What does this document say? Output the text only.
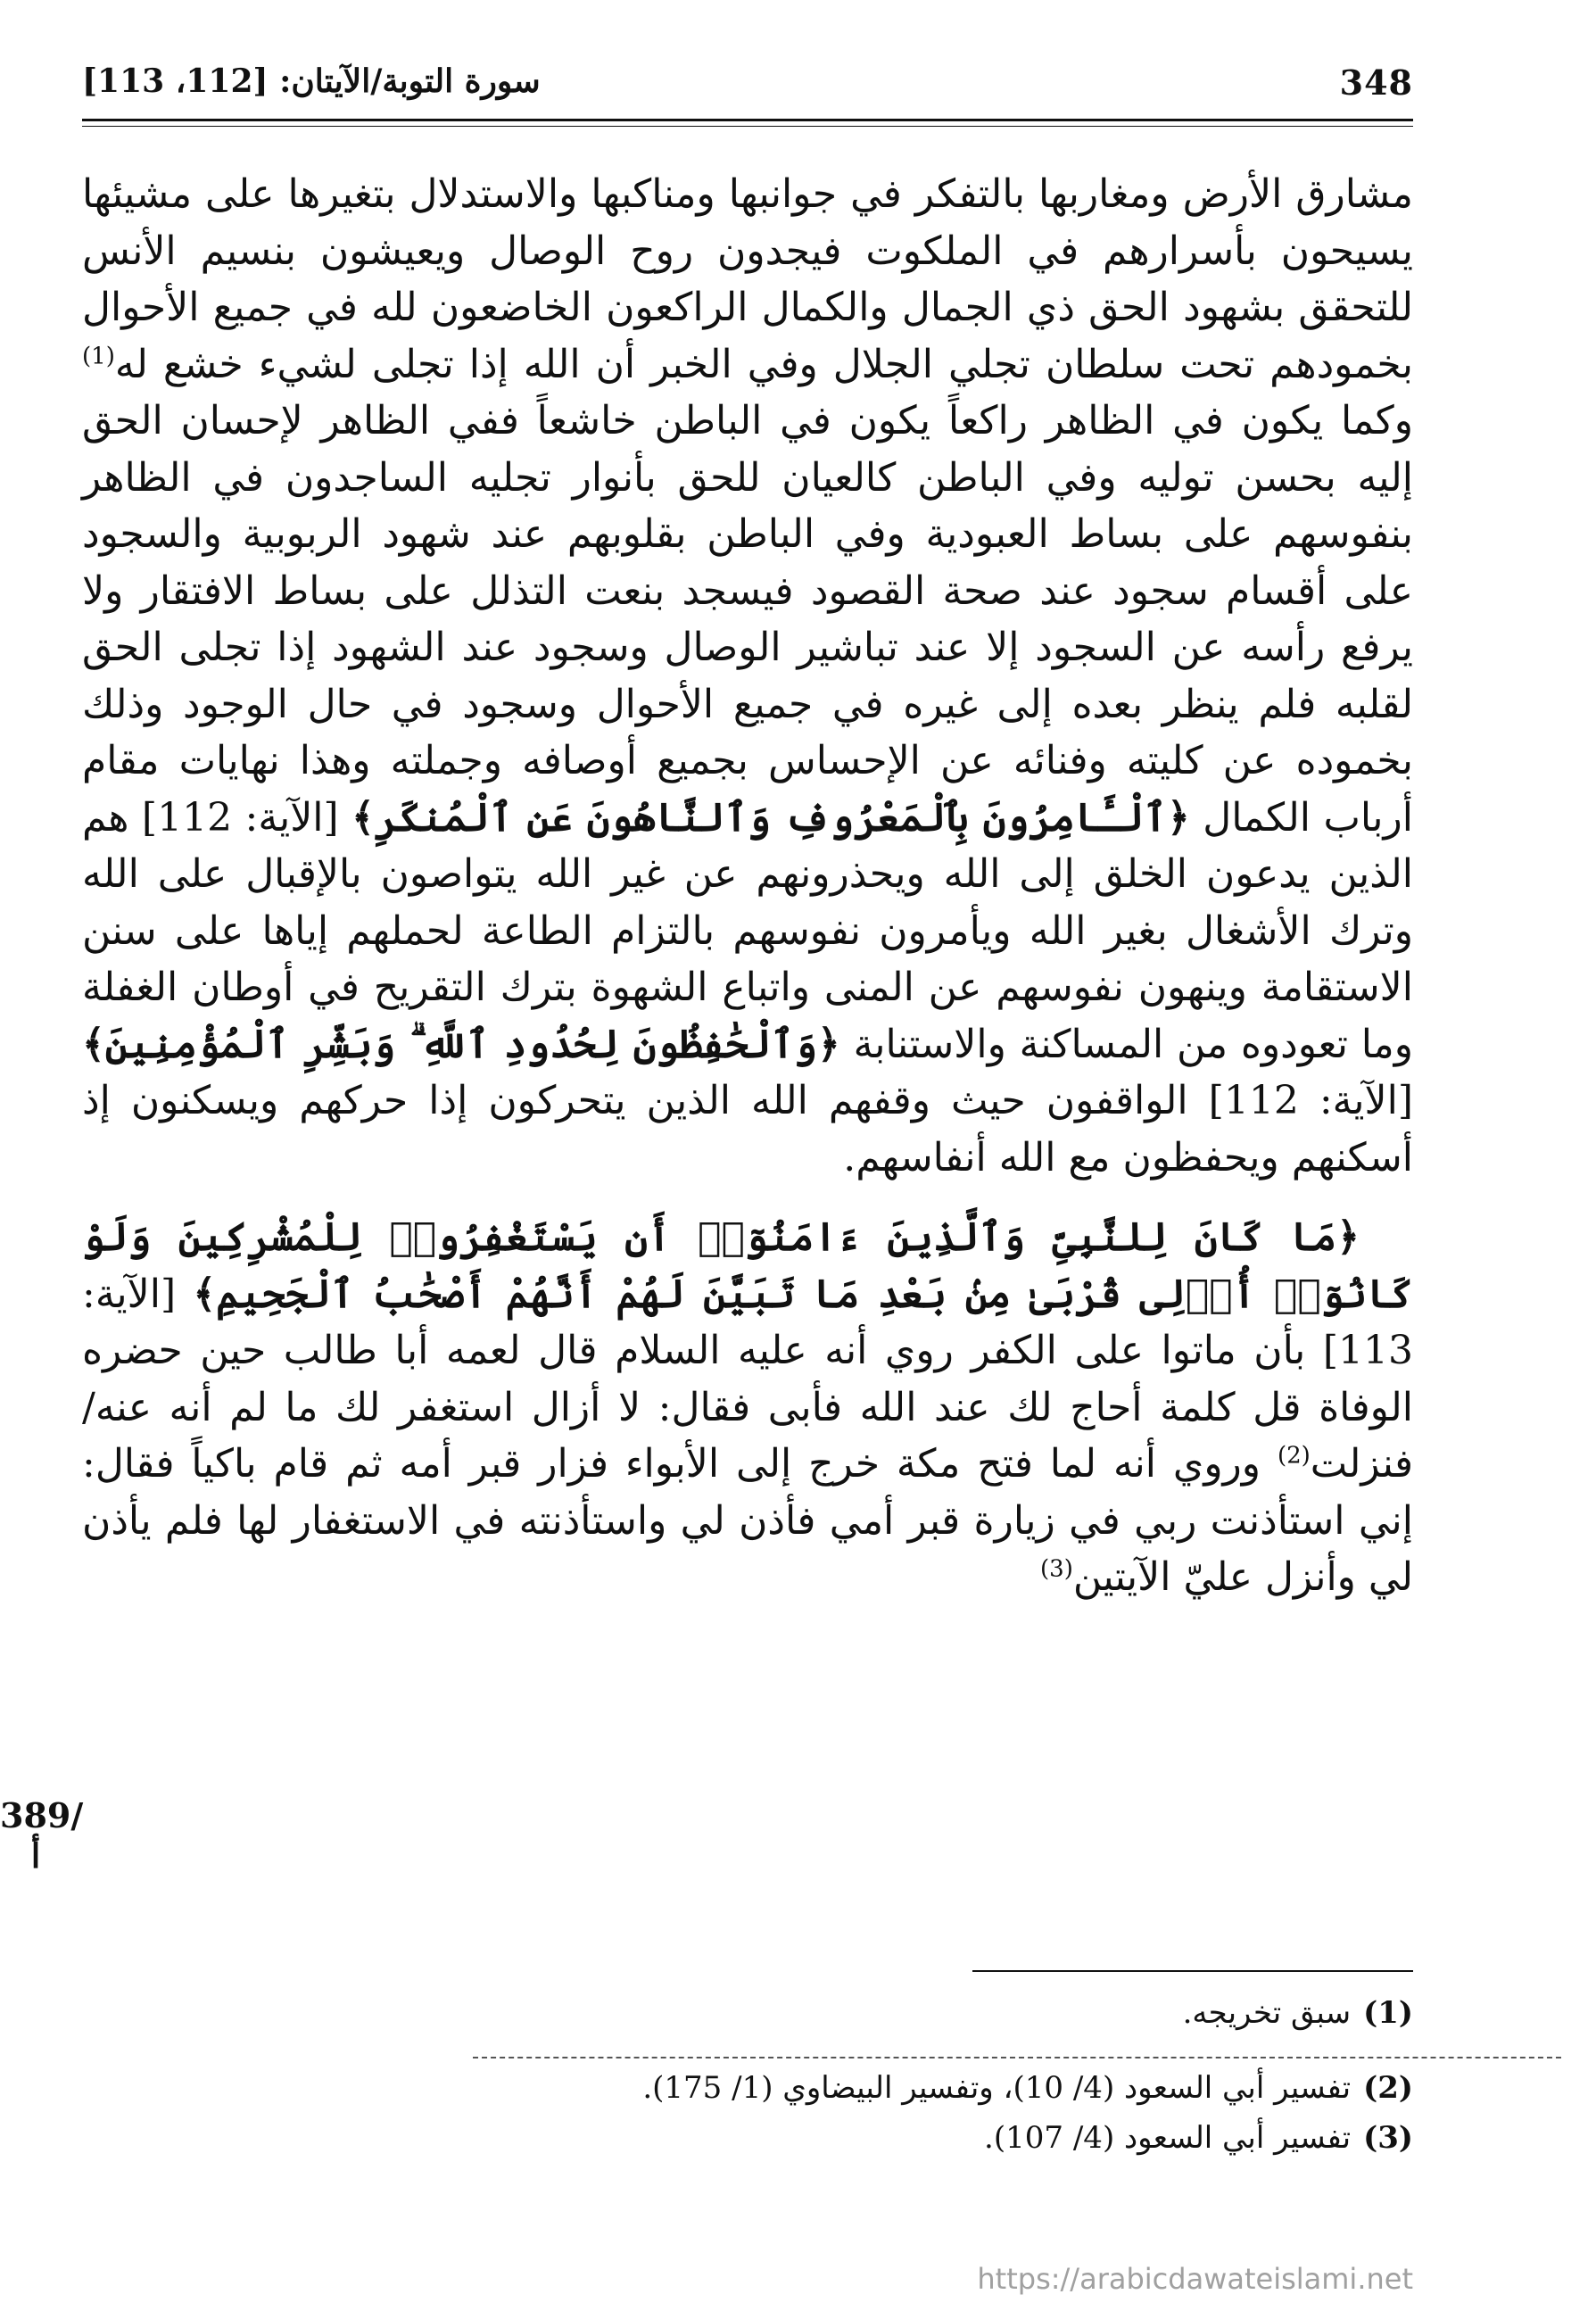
348
سورة التوبة/الآيتان: [112، 113]

مشارق الأرض ومغاربها بالتفكر في جوانبها ومناكبها والاستدلال بتغيرها على مشيئها يسيحون بأسرارهم في الملكوت فيجدون روح الوصال ويعيشون بنسيم الأنس للتحقق بشهود الحق ذي الجمال والكمال الراكعون الخاضعون لله في جميع الأحوال بخمودهم تحت سلطان تجلي الجلال وفي الخبر أن الله إذا تجلى لشيء خشع له$^{(1)}$ وكما يكون في الظاهر راكعاً يكون في الباطن خاشعاً ففي الظاهر لإحسان الحق إليه بحسن توليه وفي الباطن كالعيان للحق بأنوار تجليه الساجدون في الظاهر بنفوسهم على بساط العبودية وفي الباطن بقلوبهم عند شهود الربوبية والسجود على أقسام سجود عند صحة القصود فيسجد بنعت التذلل على بساط الافتقار ولا يرفع رأسه عن السجود إلا عند تباشير الوصال وسجود عند الشهود إذا تجلى الحق لقلبه فلم ينظر بعده إلى غيره في جميع الأحوال وسجود في حال الوجود وذلك بخموده عن كليته وفنائه عن الإحساس بجميع أوصافه وجملته وهذا نهايات مقام أرباب الكمال ﴿ٱلْـَٔامِرُونَ بِٱلْمَعْرُوفِ وَٱلنَّاهُونَ عَنِ ٱلْمُنكَرِ﴾ [الآية: 112] هم الذين يدعون الخلق إلى الله ويحذرونهم عن غير الله يتواصون بالإقبال على الله وترك الأشغال بغير الله ويأمرون نفوسهم بالتزام الطاعة لحملهم إياها على سنن الاستقامة وينهون نفوسهم عن المنى واتباع الشهوة بترك التقريح في أوطان الغفلة وما تعودوه من المساكنة والاستنابة ﴿وَٱلْحَٰفِظُونَ لِحُدُودِ ٱللَّهِ ۗ وَبَشِّرِ ٱلْمُؤْمِنِينَ﴾ [الآية: 112] الواقفون حيث وقفهم الله الذين يتحركون إذا حركهم ويسكنون إذ أسكنهم ويحفظون مع الله أنفاسهم.

﴿مَا كَانَ لِلنَّبِىِّ وَٱلَّذِينَ ءَامَنُوٓا۟ أَن يَسْتَغْفِرُوا۟ لِلْمُشْرِكِينَ وَلَوْ كَانُوٓا۟ أُو۟لِى قُرْبَىٰ مِنۢ بَعْدِ مَا تَبَيَّنَ لَهُمْ أَنَّهُمْ أَصْحَٰبُ ٱلْجَحِيمِ﴾ [الآية: 113] بأن ماتوا على الكفر روي أنه عليه السلام قال لعمه أبا طالب حين حضره الوفاة قل كلمة أحاج لك عند الله فأبى فقال: لا أزال استغفر لك ما لم أنه عنه/ فنزلت$^{(2)}$ وروي أنه لما فتح مكة خرج إلى الأبواء فزار قبر أمه ثم قام باكياً فقال: إني استأذنت ربي في زيارة قبر أمي فأذن لي واستأذنته في الاستغفار لها فلم يأذن لي وأنزل عليّ الآيتين$^{(3)}$

389/أ
(1)سبق تخريجه.
(2)تفسير أبي السعود (4/ 10)، وتفسير البيضاوي (1/ 175).
(3)تفسير أبي السعود (4/ 107).
https://arabicdawateislami.net
